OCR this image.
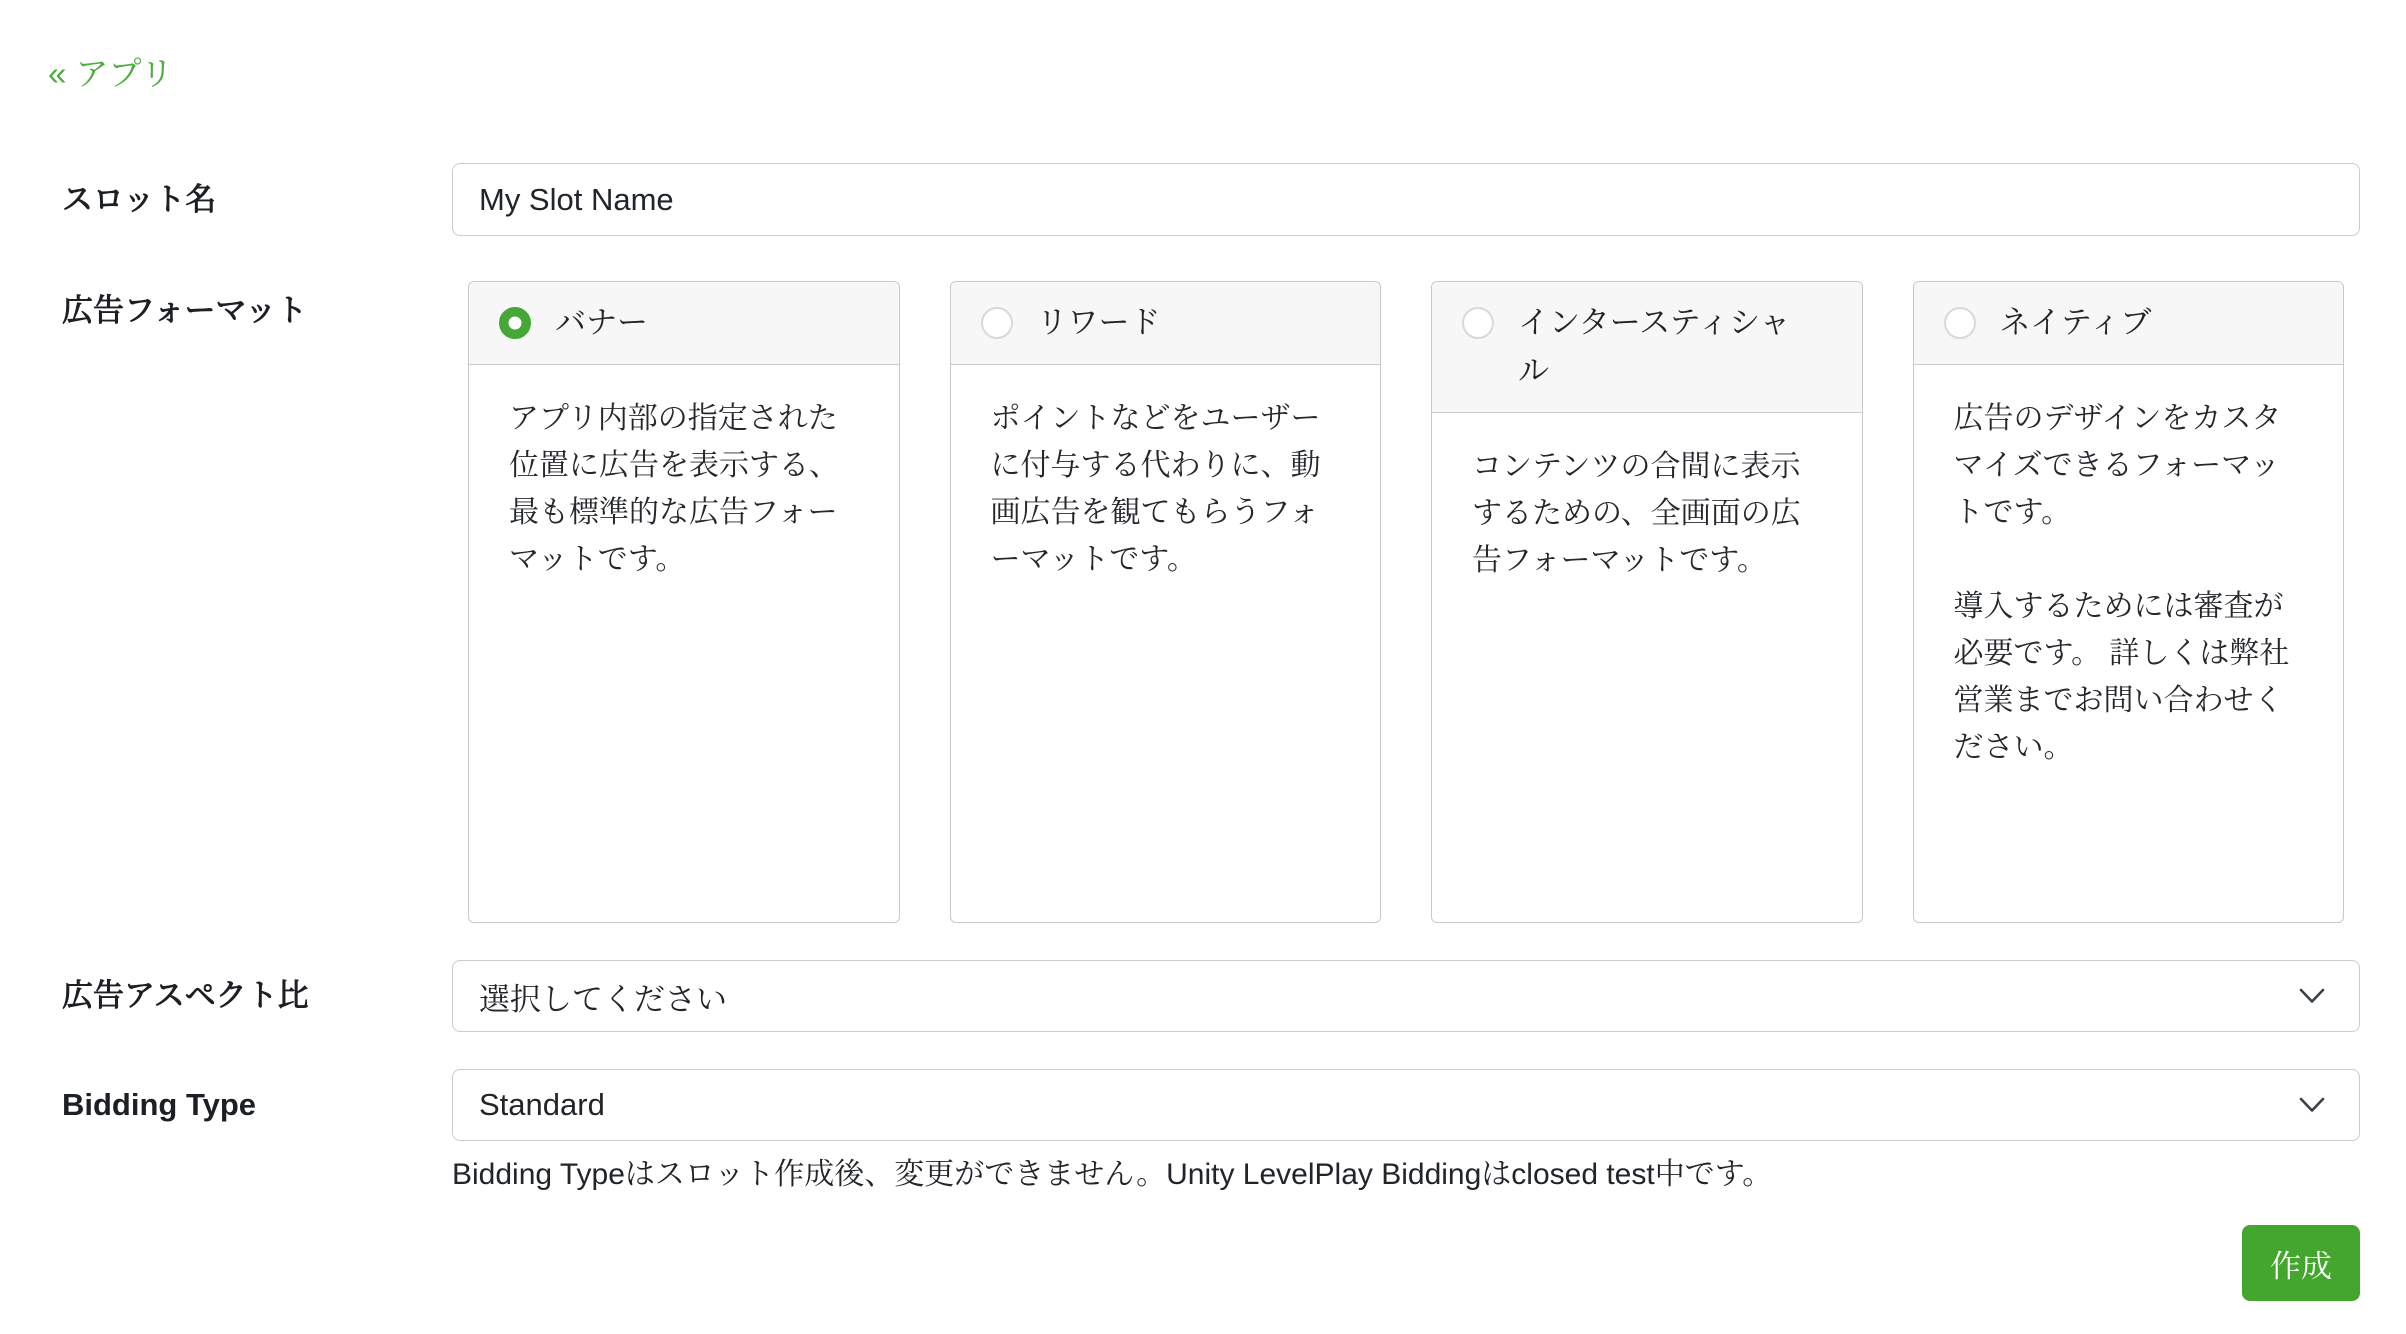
« アプリ
スロット名
My Slot Name
広告フォーマット	バナー

アプリ内部の指定された位置に広告を表示する、最も標準的な広告フォーマットです。

リワード

ポイントなどをユーザーに付与する代わりに、動画広告を観てもらうフォーマットです。

インタースティシャル

コンテンツの合間に表示するための、全画面の広告フォーマットです。

ネイティブ

広告のデザインをカスタマイズできるフォーマットです。

導入するためには審査が必要です。 詳しくは弊社営業までお問い合わせください。

広告アスペクト比	選択してください
Bidding Type	Standard
Bidding Typeはスロット作成後、変更ができません。Unity LevelPlay Biddingはclosed test中です。
作成
